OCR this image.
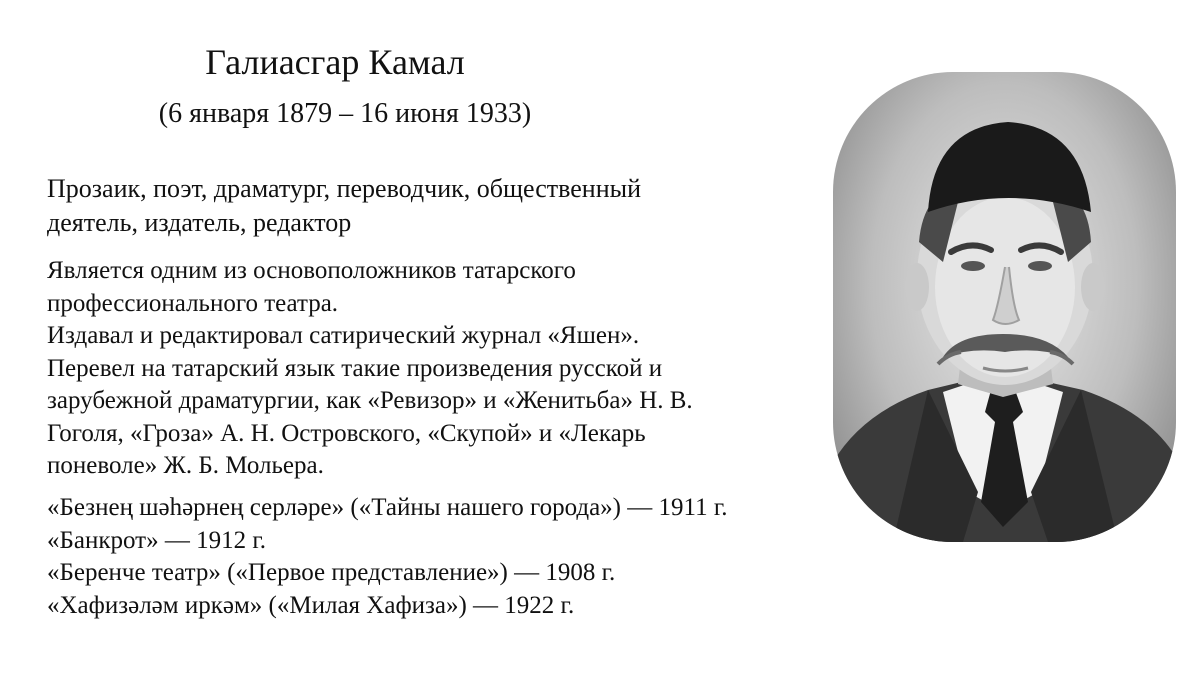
Галиасгар Камал
(6 января 1879 – 16 июня 1933)

Прозаик, поэт, драматург, переводчик, общественный
деятель, издатель, редактор

Является одним из основоположников татарского
профессионального театра.
Издавал и редактировал сатирический журнал «Яшен».
Перевел на татарский язык такие произведения русской и
зарубежной драматургии, как «Ревизор» и «Женитьба» Н. В.
Гоголя, «Гроза» А. Н. Островского, «Скупой» и «Лекарь
поневоле» Ж. Б. Мольера.

«Безнең шәһәрнең серләре» («Тайны нашего города») — 1911 г.
«Банкрот» — 1912 г.
«Беренче театр» («Первое представление») — 1908 г.
«Хафизәләм иркәм» («Милая Хафиза») — 1922 г.
